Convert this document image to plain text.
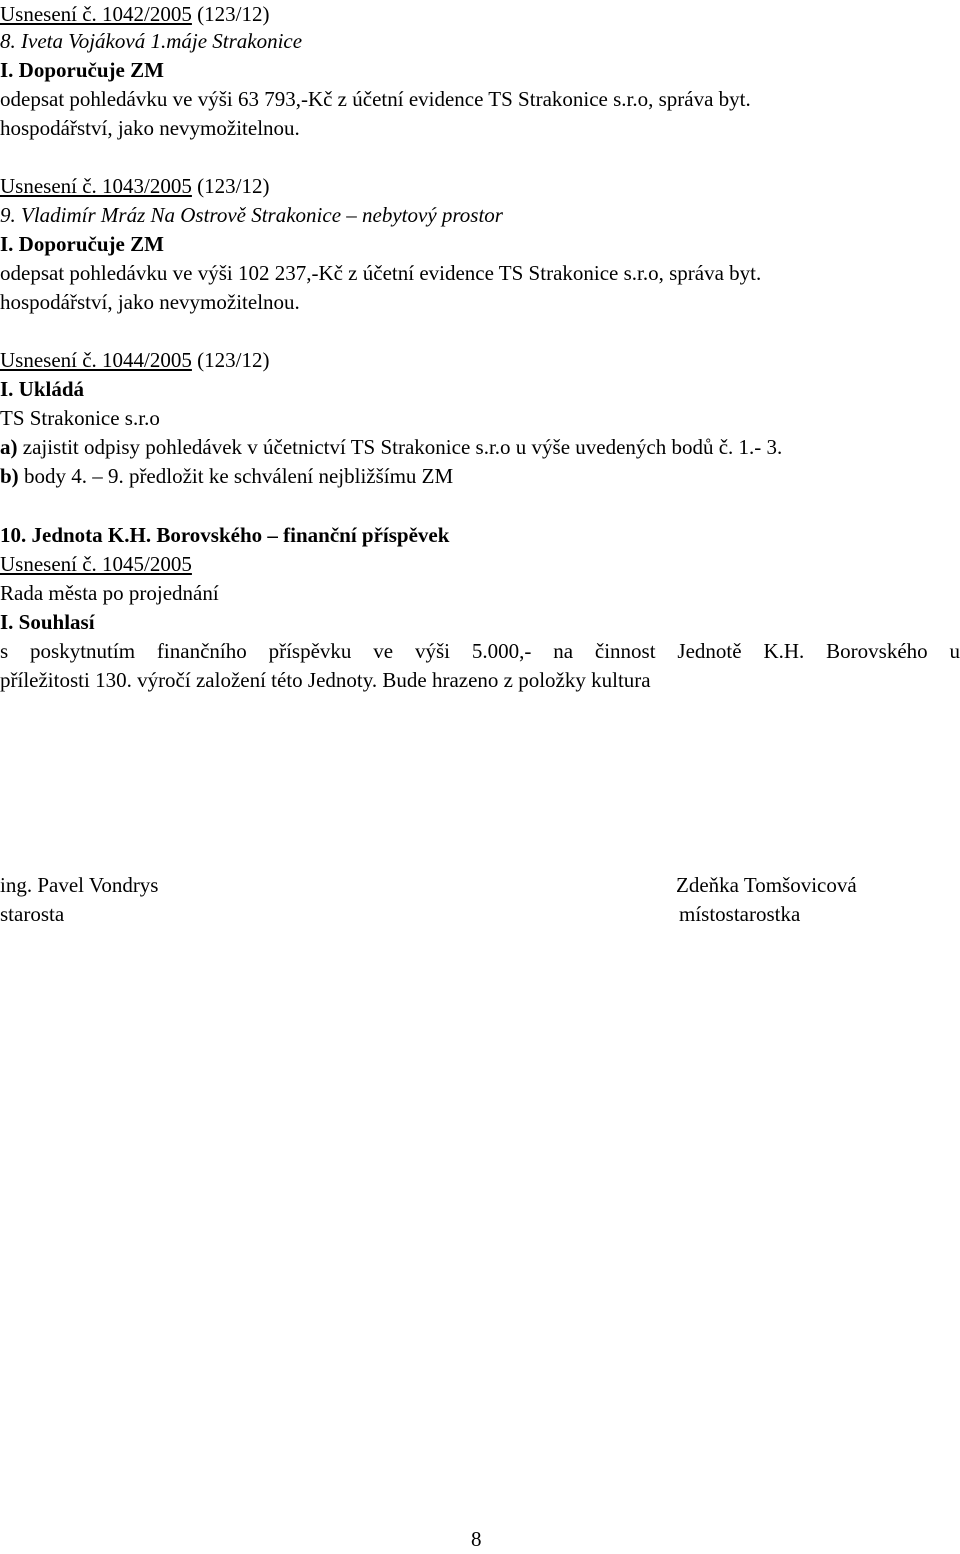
Usnesení č. 1042/2005 (123/12)
8. Iveta Vojáková 1.máje Strakonice
I. Doporučuje ZM
odepsat pohledávku ve výši 63 793,-Kč z účetní evidence TS Strakonice s.r.o, správa byt.
hospodářství, jako nevymožitelnou.
Usnesení č. 1043/2005 (123/12)
9. Vladimír Mráz Na Ostrově Strakonice – nebytový prostor
I. Doporučuje ZM
odepsat pohledávku ve výši 102 237,-Kč z účetní evidence TS Strakonice s.r.o, správa byt.
hospodářství, jako nevymožitelnou.
Usnesení č. 1044/2005 (123/12)
I. Ukládá
TS Strakonice s.r.o
a) zajistit odpisy pohledávek v účetnictví TS Strakonice s.r.o u výše uvedených bodů č. 1.- 3.
b) body 4. – 9. předložit ke schválení nejbližšímu ZM
10. Jednota K.H. Borovského – finanční příspěvek
Usnesení č. 1045/2005
Rada města po projednání
I. Souhlasí
s poskytnutím finančního příspěvku ve výši 5.000,- na činnost Jednotě K.H. Borovského u
příležitosti 130. výročí založení této Jednoty. Bude hrazeno z položky kultura
ing. Pavel Vondrys
starosta
Zdeňka Tomšovicová
místostarostka
8
